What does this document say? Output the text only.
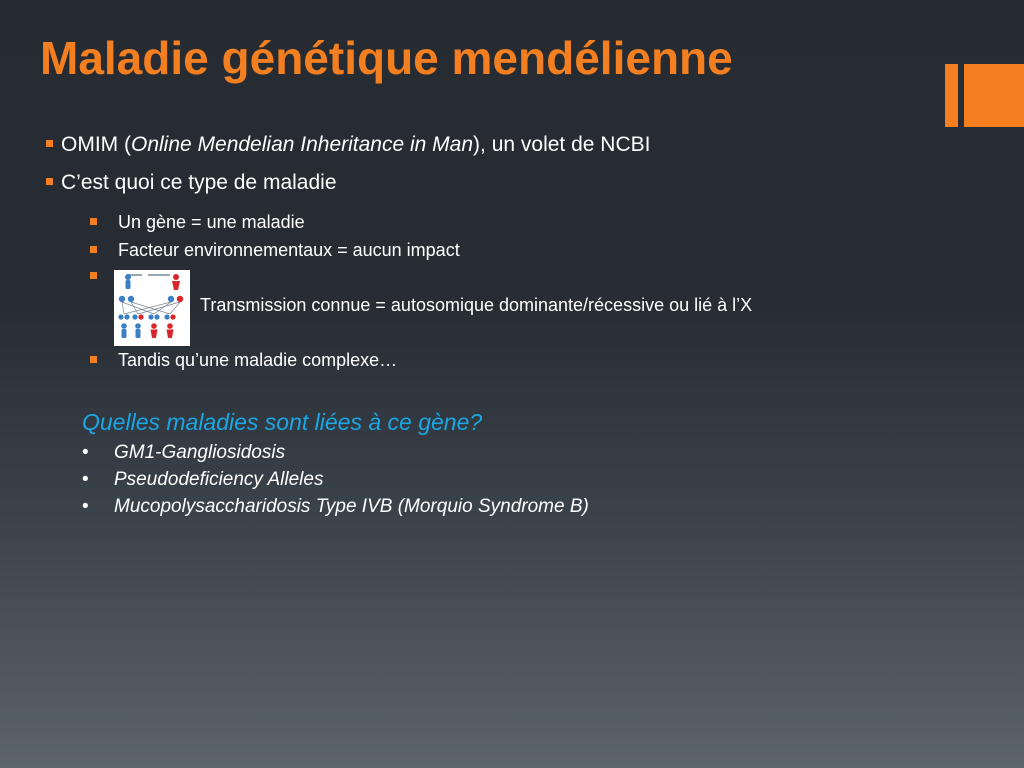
Maladie génétique mendélienne
OMIM (Online Mendelian Inheritance in Man), un volet de NCBI
C’est quoi ce type de maladie
Un gène = une maladie
Facteur environnementaux = aucun impact
Transmission connue = autosomique dominante/récessive ou lié à l’X
Tandis qu’une maladie complexe…
Quelles maladies sont liées à ce gène?
• GM1-Gangliosidosis
• Pseudodeficiency Alleles
• Mucopolysaccharidosis Type IVB (Morquio Syndrome B)
